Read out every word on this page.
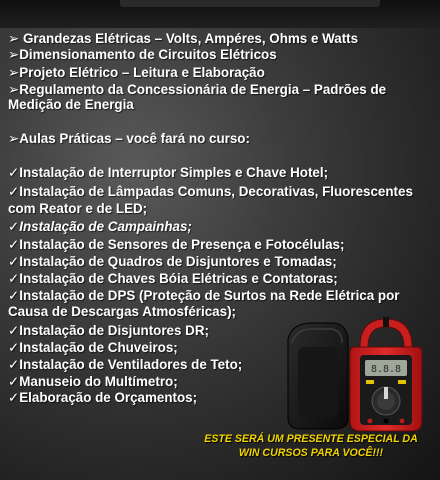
➢ Grandezas Elétricas – Volts, Ampéres, Ohms e Watts
➢Dimensionamento de Circuitos Elétricos
➢Projeto Elétrico – Leitura e Elaboração
➢Regulamento da Concessionária de Energia – Padrões de Medição de Energia
➢Aulas Práticas – você fará no curso:
✓Instalação de Interruptor Simples e Chave Hotel;
✓Instalação de Lâmpadas Comuns, Decorativas, Fluorescentes com Reator e de LED;
✓Instalação de Campainhas;
✓Instalação de Sensores de Presença e Fotocélulas;
✓Instalação de Quadros de Disjuntores e Tomadas;
✓Instalação de Chaves Bóia Elétricas e Contatoras;
✓Instalação de DPS (Proteção de Surtos na Rede Elétrica por Causa de Descargas Atmosféricas);
✓Instalação de Disjuntores DR;
✓Instalação de Chuveiros;
✓Instalação de Ventiladores de Teto;
✓Manuseio do Multímetro;
✓Elaboração de Orçamentos;
8.8.8
ESTE SERÁ UM PRESENTE ESPECIAL DA
WIN CURSOS PARA VOCÊ!!!
